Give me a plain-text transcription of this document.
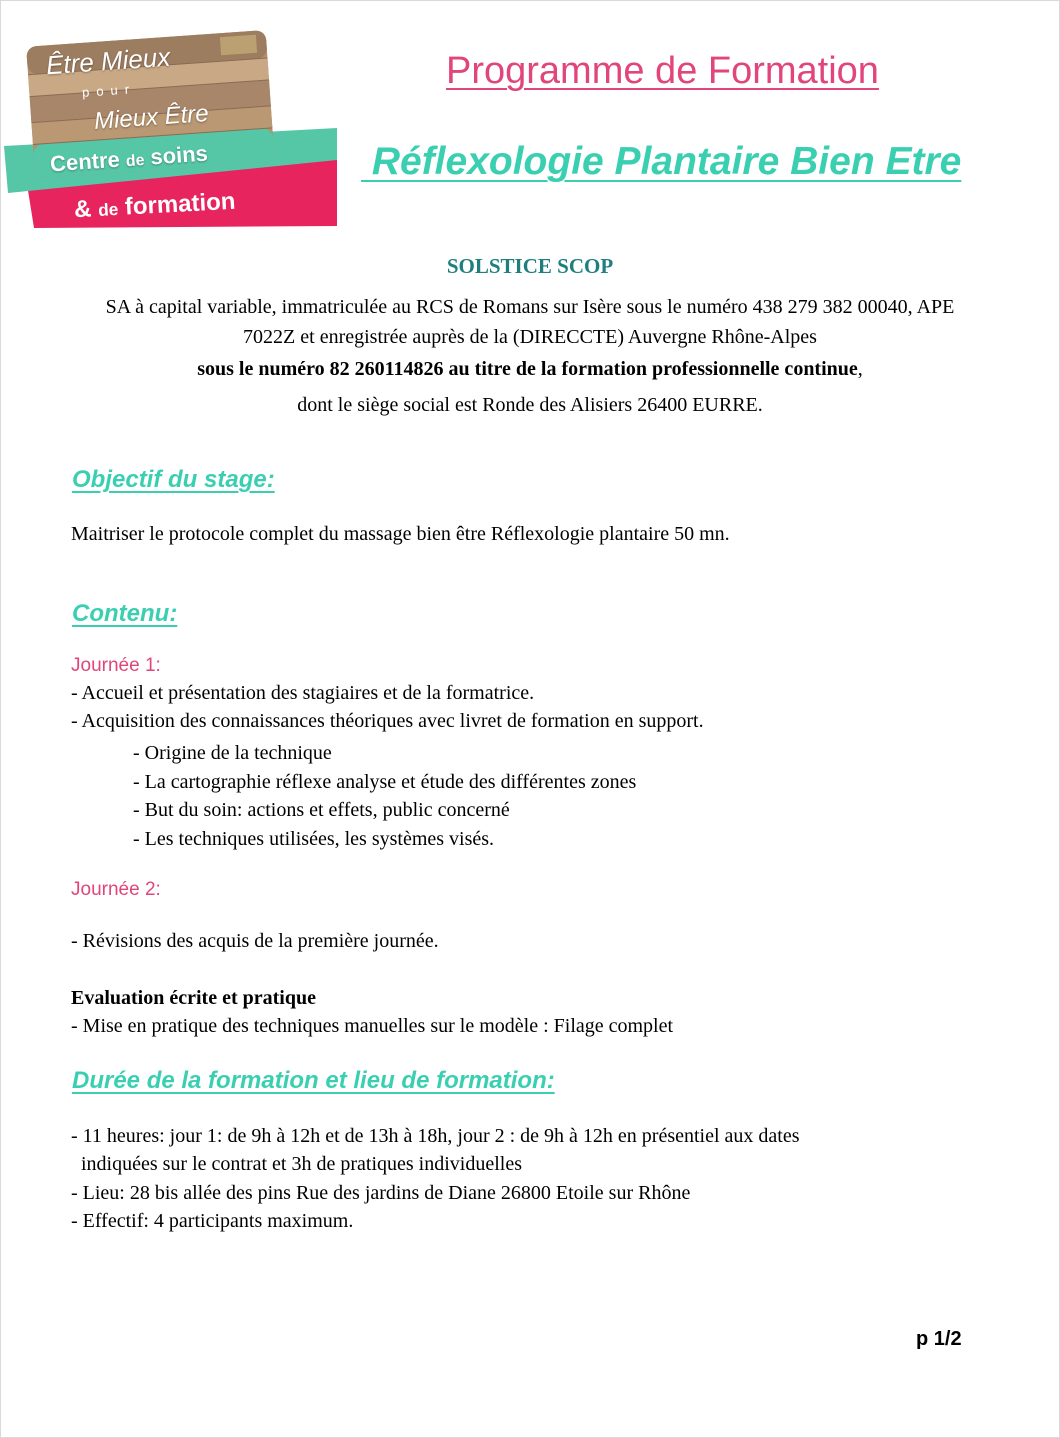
Être Mieux
pour
Mieux Être
Centre de soins
& de formation
Programme de Formation
Réflexologie Plantaire Bien Etre
SOLSTICE SCOP
SA à capital variable, immatriculée au RCS de Romans sur Isère sous le numéro 438 279 382 00040, APE
7022Z et enregistrée auprès de la (DIRECCTE) Auvergne Rhône-Alpes
sous le numéro 82 260114826 au titre de la formation professionnelle continue,
dont le siège social est Ronde des Alisiers 26400 EURRE.
Objectif du stage:
Maitriser le protocole complet du massage bien être Réflexologie plantaire 50 mn.
Contenu:
Journée 1:
- Accueil et présentation des stagiaires et de la formatrice.
- Acquisition des connaissances théoriques avec livret de formation en support.
- Origine de la technique
- La cartographie réflexe analyse et étude des différentes zones
- But du soin: actions et effets, public concerné
- Les techniques utilisées, les systèmes visés.
Journée 2:
- Révisions des acquis de la première journée.
Evaluation écrite et pratique
- Mise en pratique des techniques manuelles sur le modèle : Filage complet
Durée de la formation et lieu de formation:
- 11 heures: jour 1: de 9h à 12h et de 13h à 18h, jour 2 : de 9h à 12h en présentiel aux dates
indiquées sur le contrat et 3h de pratiques individuelles
- Lieu: 28 bis allée des pins Rue des jardins de Diane 26800 Etoile sur Rhône
- Effectif: 4 participants maximum.
p 1/2
